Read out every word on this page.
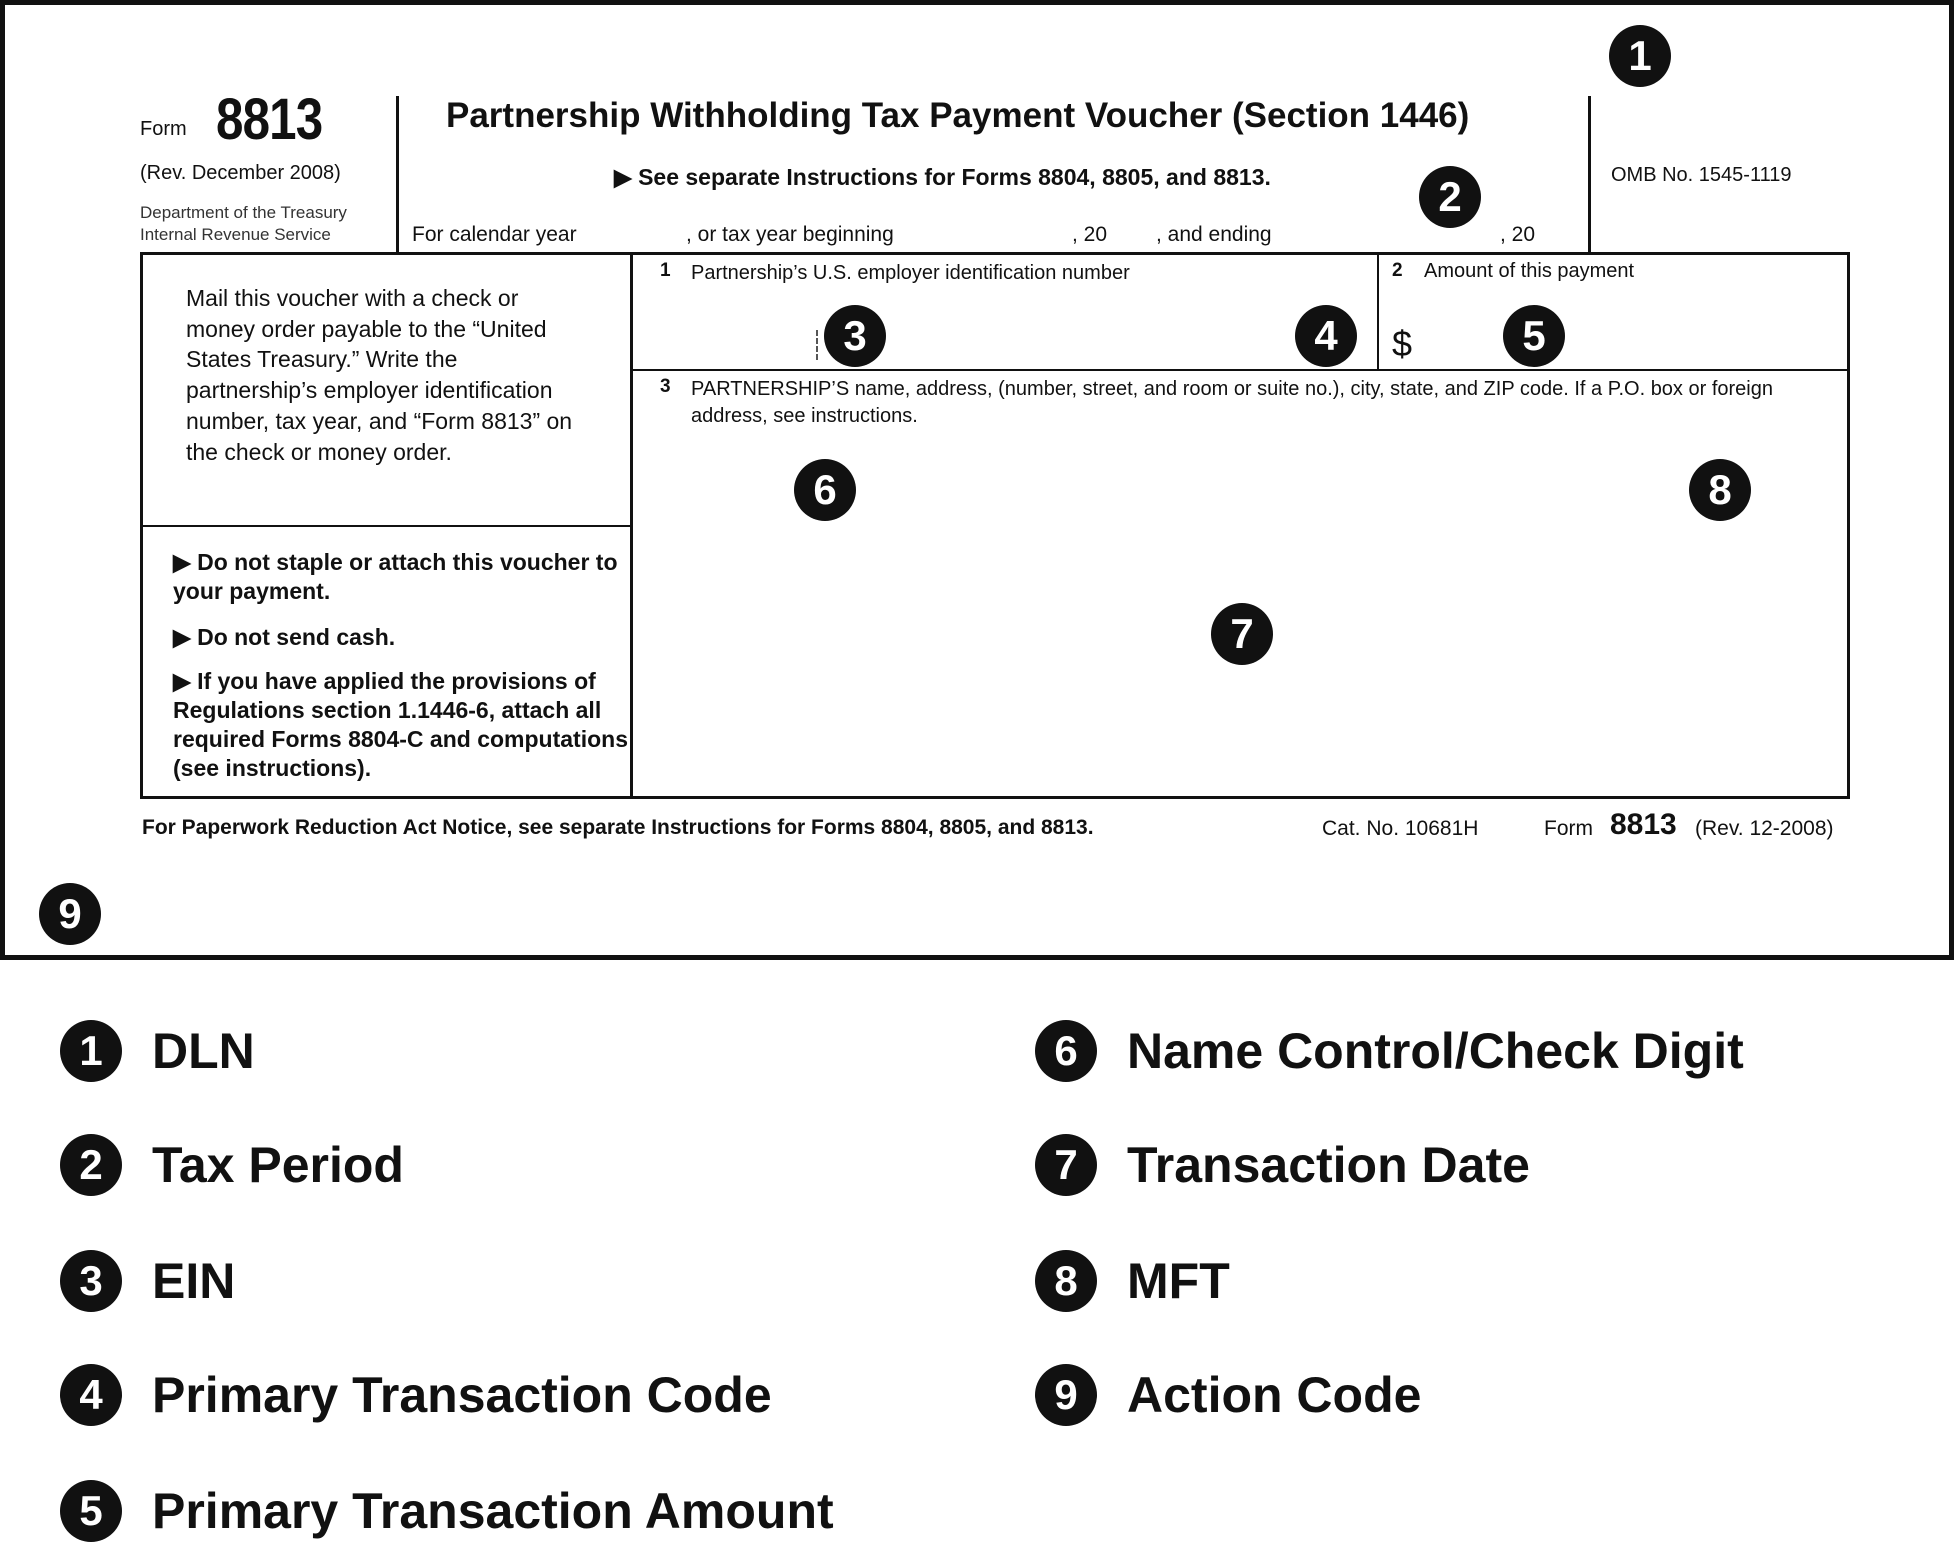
Form 8813
(Rev. December 2008)
Department of the Treasury
Internal Revenue Service
Partnership Withholding Tax Payment Voucher (Section 1446)
▶ See separate Instructions for Forms 8804, 8805, and 8813.	OMB No. 1545-1119
For calendar year	, or tax year beginning	, 20 , and ending	, 20
Mail this voucher with a check or money order payable to the “United States Treasury.” Write the partnership’s employer identification number, tax year, and “Form 8813” on the check or money order.
▶ Do not staple or attach this voucher to your payment.
▶ Do not send cash.
▶ If you have applied the provisions of Regulations section 1.1446-6, attach all required Forms 8804-C and computations (see instructions).
1 Partnership’s U.S. employer identification number	2 Amount of this payment
$
3 PARTNERSHIP’S name, address, (number, street, and room or suite no.), city, state, and ZIP code. If a P.O. box or foreign address, see instructions.
For Paperwork Reduction Act Notice, see separate Instructions for Forms 8804, 8805, and 8813.	Cat. No. 10681H	Form 8813 (Rev. 12-2008)
1
2
3	4	5
6
7
8
9
1 DLN
2 Tax Period
3 EIN
4 Primary Transaction Code
5 Primary Transaction Amount
6 Name Control/Check Digit
7 Transaction Date
8 MFT
9 Action Code
